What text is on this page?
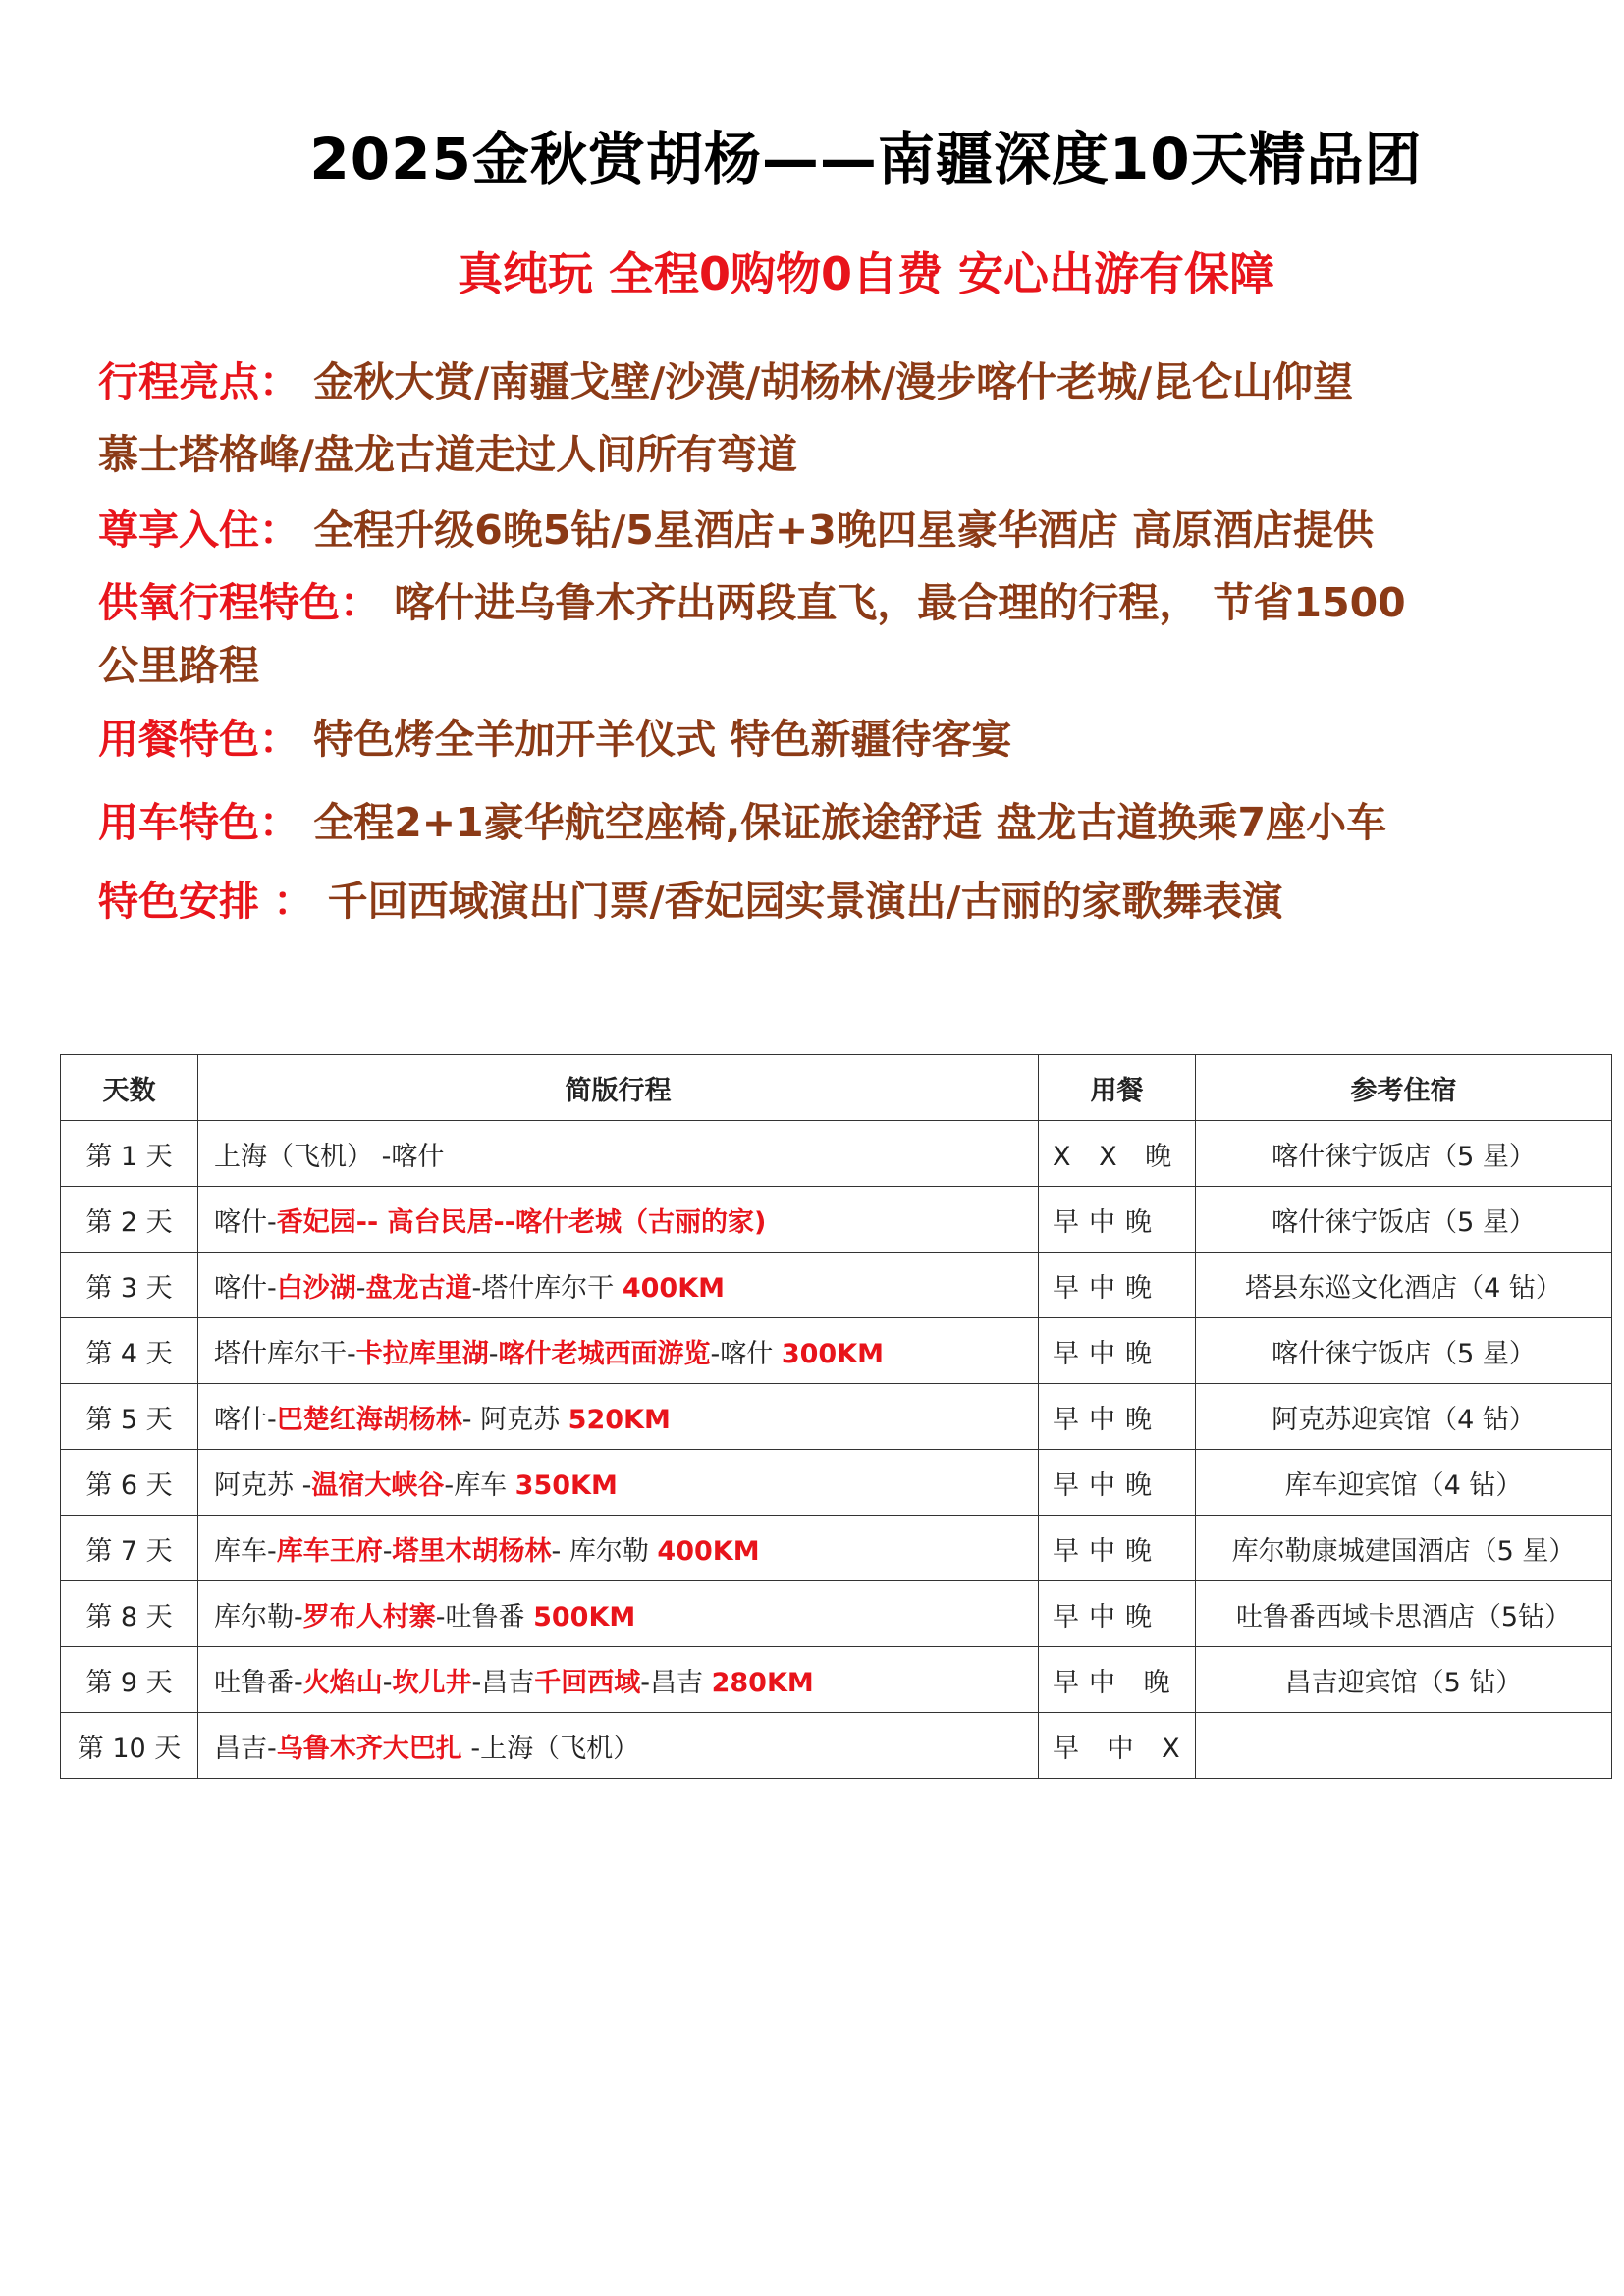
2025金秋赏胡杨——南疆深度10天精品团
真纯玩 全程0购物0自费 安心出游有保障
行程亮点： 金秋大赏/南疆戈壁/沙漠/胡杨林/漫步喀什老城/昆仑山仰望
慕士塔格峰/盘龙古道走过人间所有弯道
尊享入住： 全程升级6晚5钻/5星酒店+3晚四星豪华酒店 高原酒店提供
供氧行程特色： 喀什进乌鲁木齐出两段直飞，最合理的行程， 节省1500
公里路程
用餐特色： 特色烤全羊加开羊仪式 特色新疆待客宴
用车特色： 全程2+1豪华航空座椅,保证旅途舒适 盘龙古道换乘7座小车
特色安排 ： 千回西域演出门票/香妃园实景演出/古丽的家歌舞表演
天数	简版行程	用餐	参考住宿
第 1 天	上海（飞机） -喀什	X X 晚	喀什徕宁饭店（5 星）
第 2 天	喀什-香妃园-- 高台民居--喀什老城（古丽的家)	早中晚	喀什徕宁饭店（5 星）
第 3 天	喀什-白沙湖-盘龙古道-塔什库尔干 400KM	早中晚	塔县东巡文化酒店（4 钻）
第 4 天	塔什库尔干-卡拉库里湖-喀什老城西面游览-喀什 300KM	早中晚	喀什徕宁饭店（5 星）
第 5 天	喀什-巴楚红海胡杨林- 阿克苏 520KM	早中晚	阿克苏迎宾馆（4 钻）
第 6 天	阿克苏 -温宿大峡谷-库车 350KM	早中晚	库车迎宾馆（4 钻）
第 7 天	库车-库车王府-塔里木胡杨林- 库尔勒 400KM	早中晚	库尔勒康城建国酒店（5 星）
第 8 天	库尔勒-罗布人村寨-吐鲁番 500KM	早中晚	吐鲁番西域卡思酒店（5钻）
第 9 天	吐鲁番-火焰山-坎儿井-昌吉千回西域-昌吉 280KM	早中 晚	昌吉迎宾馆（5 钻）
第 10 天	昌吉-乌鲁木齐大巴扎 -上海（飞机）	早 中 X	
